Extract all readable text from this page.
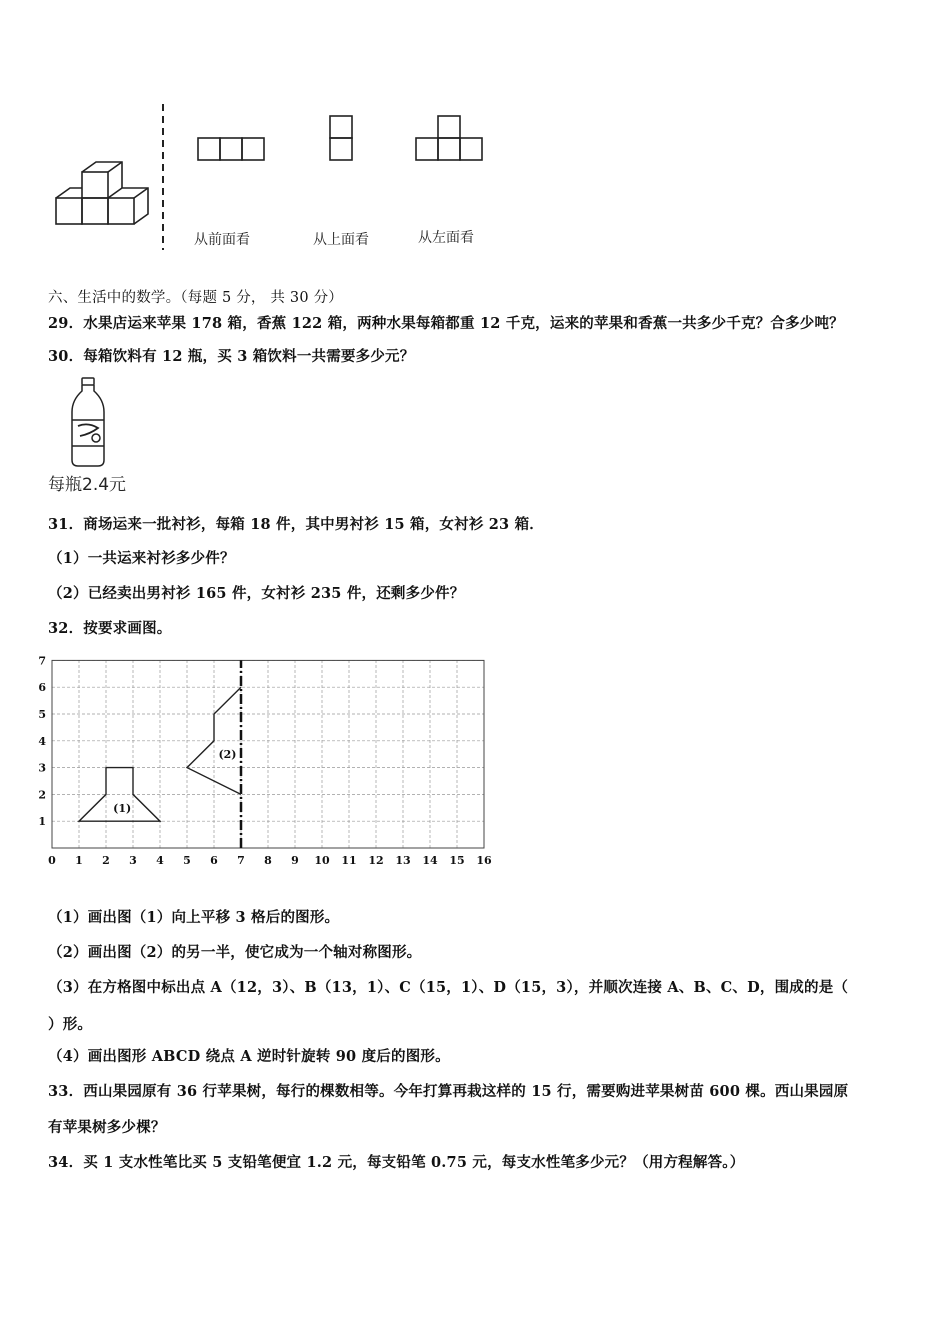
从前面看	从上面看	从左面看
六、生活中的数学。（每题 5 分， 共 30 分）
29．水果店运来苹果 178 箱，香蕉 122 箱，两种水果每箱都重 12 千克，运来的苹果和香蕉一共多少千克？合多少吨？
30．每箱饮料有 12 瓶，买 3 箱饮料一共需要多少元？
每瓶2.4元
31．商场运来一批衬衫，每箱 18 件，其中男衬衫 15 箱，女衬衫 23 箱．
（1）一共运来衬衫多少件？
（2）已经卖出男衬衫 165 件，女衬衫 235 件，还剩多少件？
32．按要求画图。
0 1 2 3 4 5 6 7 8 9 10 11 12 13 14 15 16
1
2
3
4
5
6
7
(1)
(2)
（1）画出图（1）向上平移 3 格后的图形。
（2）画出图（2）的另一半，使它成为一个轴对称图形。
（3）在方格图中标出点 A（12，3）、B（13，1）、C（15，1）、D（15，3），并顺次连接 A、B、C、D，围成的是（
）形。
（4）画出图形 ABCD 绕点 A 逆时针旋转 90 度后的图形。
33．西山果园原有 36 行苹果树，每行的棵数相等。今年打算再栽这样的 15 行，需要购进苹果树苗 600 棵。西山果园原
有苹果树多少棵？
34．买 1 支水性笔比买 5 支铅笔便宜 1.2 元，每支铅笔 0.75 元，每支水性笔多少元？（用方程解答。）
